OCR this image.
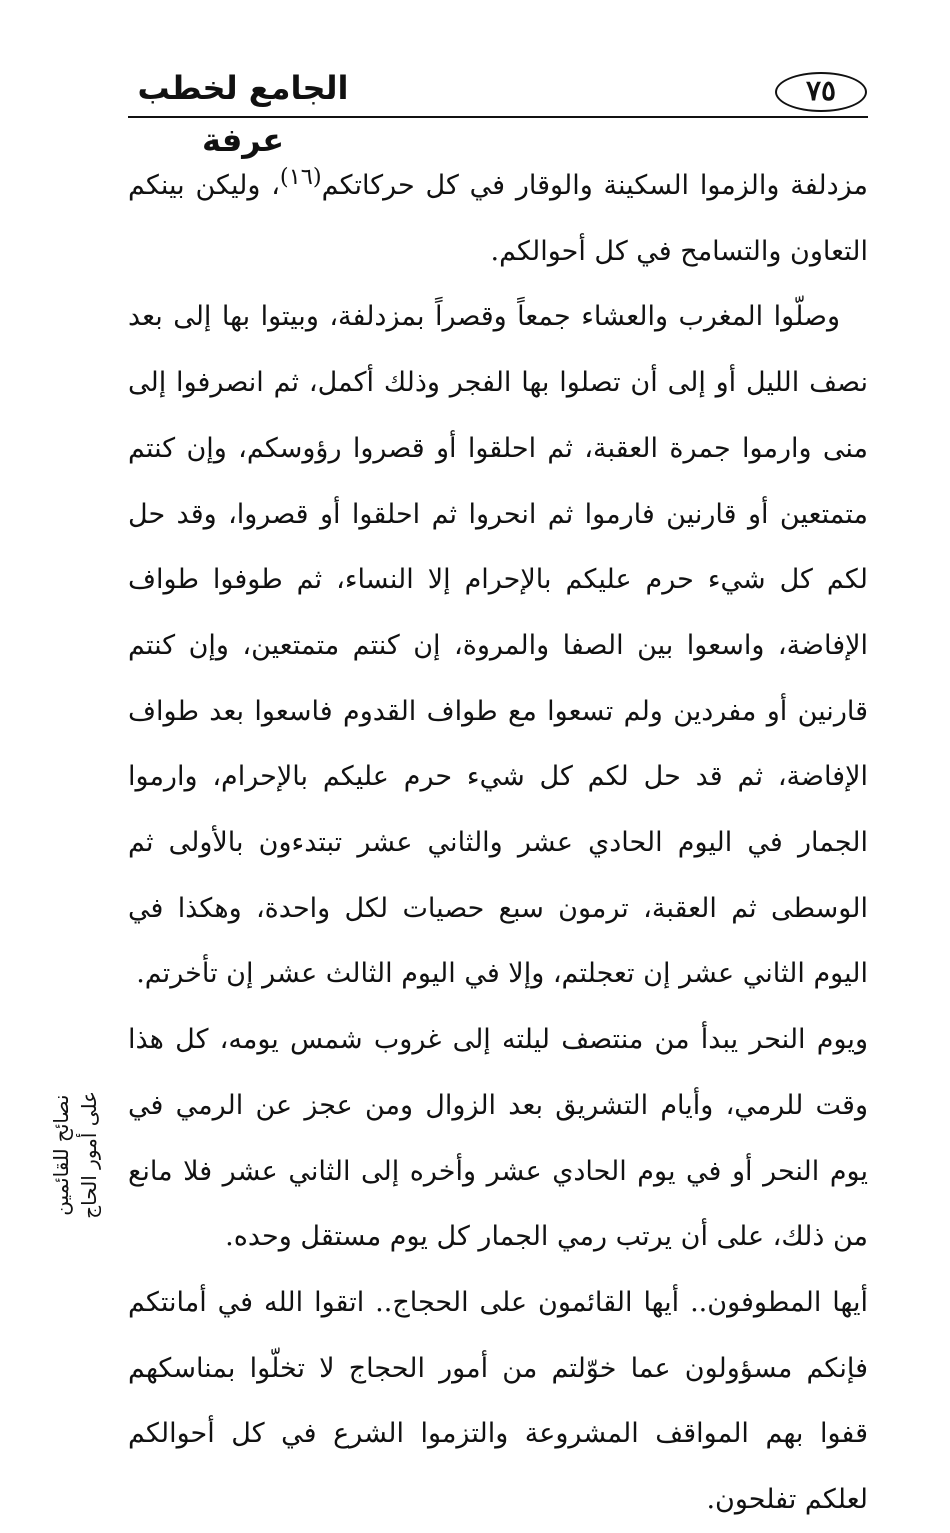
الجامع لخطب عرفة
٧٥

مزدلفة والزموا السكينة والوقار في كل حركاتكم$^{(١٦)}$، وليكن بينكم التعاون والتسامح في كل أحوالكم.

وصلّوا المغرب والعشاء جمعاً وقصراً بمزدلفة، وبيتوا بها إلى بعد نصف الليل أو إلى أن تصلوا بها الفجر وذلك أكمل، ثم انصرفوا إلى منى وارموا جمرة العقبة، ثم احلقوا أو قصروا رؤوسكم، وإن كنتم متمتعين أو قارنين فارموا ثم انحروا ثم احلقوا أو قصروا، وقد حل لكم كل شيء حرم عليكم بالإحرام إلا النساء، ثم طوفوا طواف الإفاضة، واسعوا بين الصفا والمروة، إن كنتم متمتعين، وإن كنتم قارنين أو مفردين ولم تسعوا مع طواف القدوم فاسعوا بعد طواف الإفاضة، ثم قد حل لكم كل شيء حرم عليكم بالإحرام، وارموا الجمار في اليوم الحادي عشر والثاني عشر تبتدءون بالأولى ثم الوسطى ثم العقبة، ترمون سبع حصيات لكل واحدة، وهكذا في اليوم الثاني عشر إن تعجلتم، وإلا في اليوم الثالث عشر إن تأخرتم.

ويوم النحر يبدأ من منتصف ليلته إلى غروب شمس يومه، كل هذا وقت للرمي، وأيام التشريق بعد الزوال ومن عجز عن الرمي في يوم النحر أو في يوم الحادي عشر وأخره إلى الثاني عشر فلا مانع من ذلك، على أن يرتب رمي الجمار كل يوم مستقل وحده.

أيها المطوفون.. أيها القائمون على الحجاج.. اتقوا الله في أمانتكم فإنكم مسؤولون عما خوّلتم من أمور الحجاج لا تخلّوا بمناسكهم قفوا بهم المواقف المشروعة والتزموا الشرع في كل أحوالكم لعلكم تفلحون.

نصائح للقائمين على أمور الحاج
